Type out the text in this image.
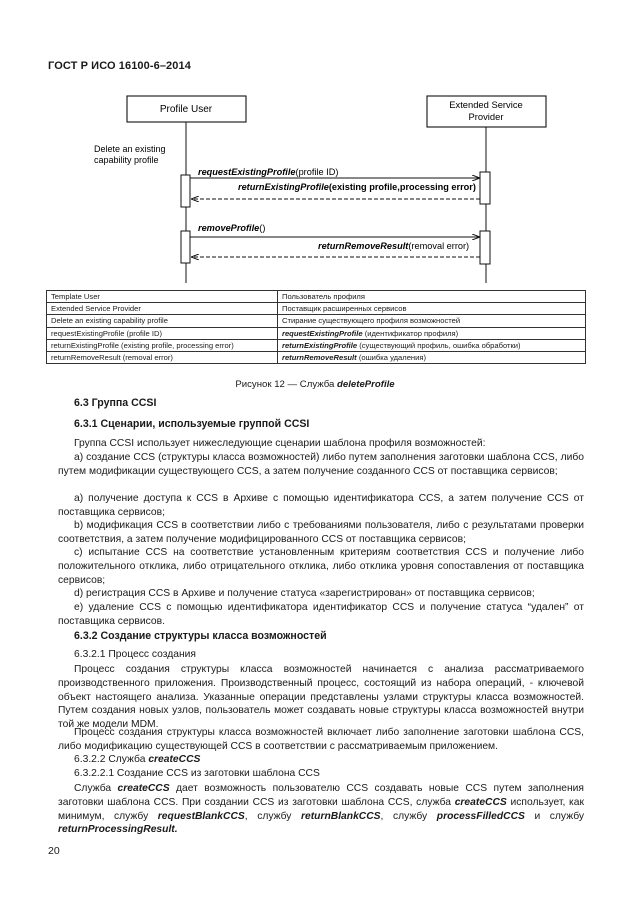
ГОСТ Р ИСО 16100-6–2014
Profile User	Extended Service
Provider
Delete an existing
capability profile
requestExistingProfile(profile ID)
returnExistingProfile(existing profile,processing error)
removeProfile()
returnRemoveResult(removal error)
Template User	Пользователь профиля
Extended Service Provider	Поставщик расширенных сервисов
Delete an existing capability profile	Стирание существующего профиля возможностей
requestExistingProfile (profile ID)	requestExistingProfile (идентификатор профиля)
returnExistingProfile (existing profile, processing error)	returnExistingProfile (существующий профиль, ошибка обработки)
returnRemoveResult (removal error)	returnRemoveResult (ошибка удаления)
Рисунок 12 — Служба deleteProfile
6.3 Группа CCSI
6.3.1 Сценарии, используемые группой CCSI
Группа CCSI использует нижеследующие сценарии шаблона профиля возможностей:
а) создание CCS (структуры класса возможностей) либо путем заполнения заготовки шаблона CCS, либо путем модификации существующего CCS, а затем получение созданного CCS от поставщика сервисов;
а) получение доступа к CCS в Архиве с помощью идентификатора CCS, а затем получение CCS от поставщика сервисов;
b) модификация CCS в соответствии либо с требованиями пользователя, либо с результатами проверки соответствия, а затем получение модифицированного CCS от поставщика сервисов;
c) испытание CCS на соответствие установленным критериям соответствия CCS и получение либо положительного отклика, либо отрицательного отклика, либо отклика уровня сопоставления от поставщика сервисов;
d) регистрация CCS в Архиве и получение статуса «зарегистрирован» от поставщика сервисов;
e) удаление CCS с помощью идентификатора идентификатор CCS и получение статуса “удален” от поставщика сервисов.
6.3.2 Создание структуры класса возможностей
6.3.2.1 Процесс создания
Процесс создания структуры класса возможностей начинается с анализа рассматриваемого производственного приложения. Производственный процесс, состоящий из набора операций, - ключевой объект настоящего анализа. Указанные операции представлены узлами структуры класса возможностей. Путем создания новых узлов, пользователь может создавать новые структуры класса возможностей внутри той же модели MDM.
Процесс создания структуры класса возможностей включает либо заполнение заготовки шаблона CCS, либо модификацию существующей CCS в соответствии с рассматриваемым приложением.
6.3.2.2 Служба createCCS
6.3.2.2.1 Создание CCS из заготовки шаблона CCS
Служба createCCS дает возможность пользователю CCS создавать новые CCS путем заполнения заготовки шаблона CCS. При создании CCS из заготовки шаблона CCS, служба createCCS использует, как минимум, службу requestBlankCCS, службу returnBlankCCS, службу processFilledCCS и службу returnProcessingResult.
20
